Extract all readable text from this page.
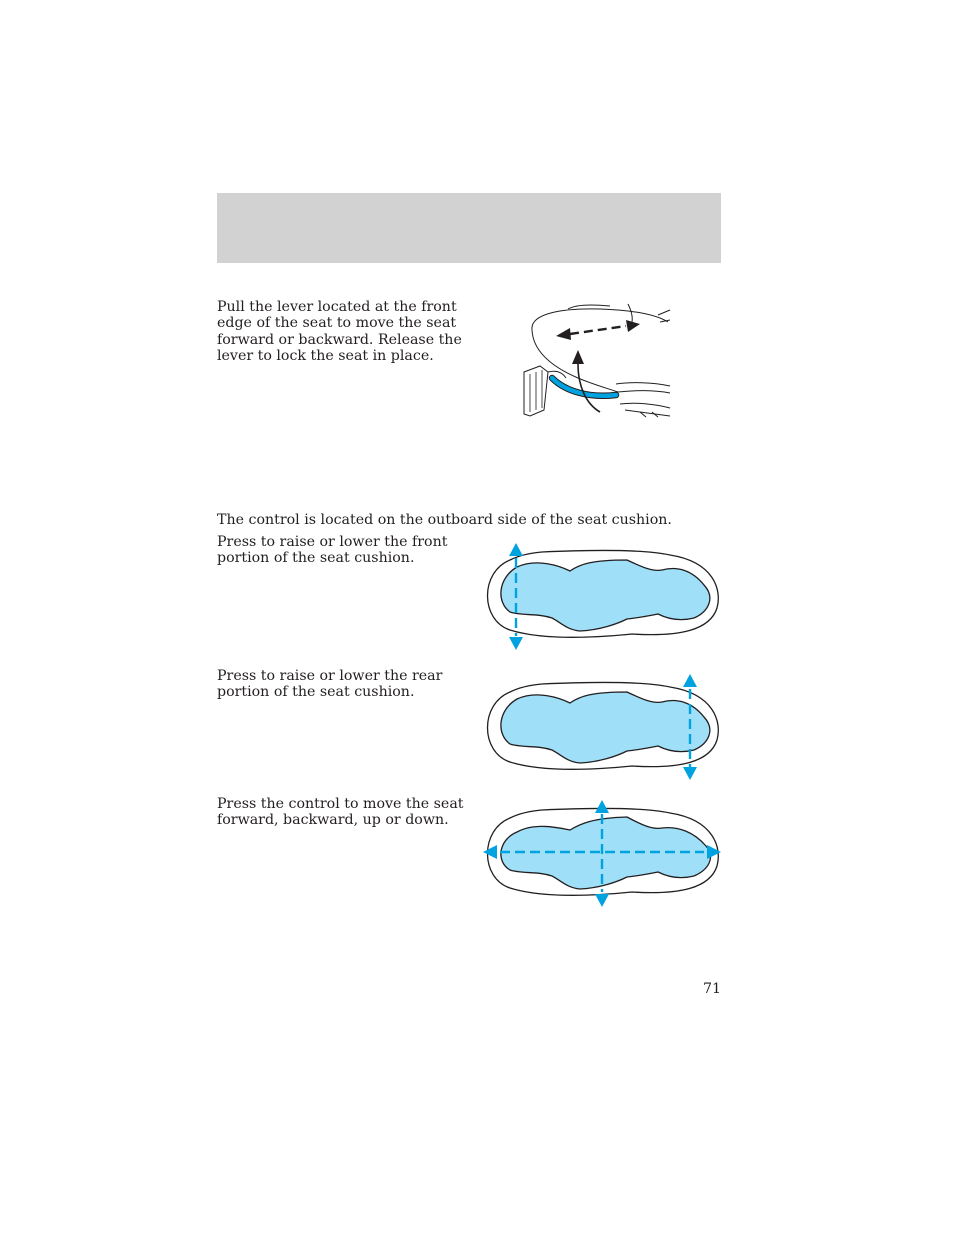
Pull the lever located at the front
edge of the seat to move the seat
forward or backward. Release the
lever to lock the seat in place.

The control is located on the outboard side of the seat cushion.

Press to raise or lower the front
portion of the seat cushion.

Press to raise or lower the rear
portion of the seat cushion.

Press the control to move the seat
forward, backward, up or down.

71
